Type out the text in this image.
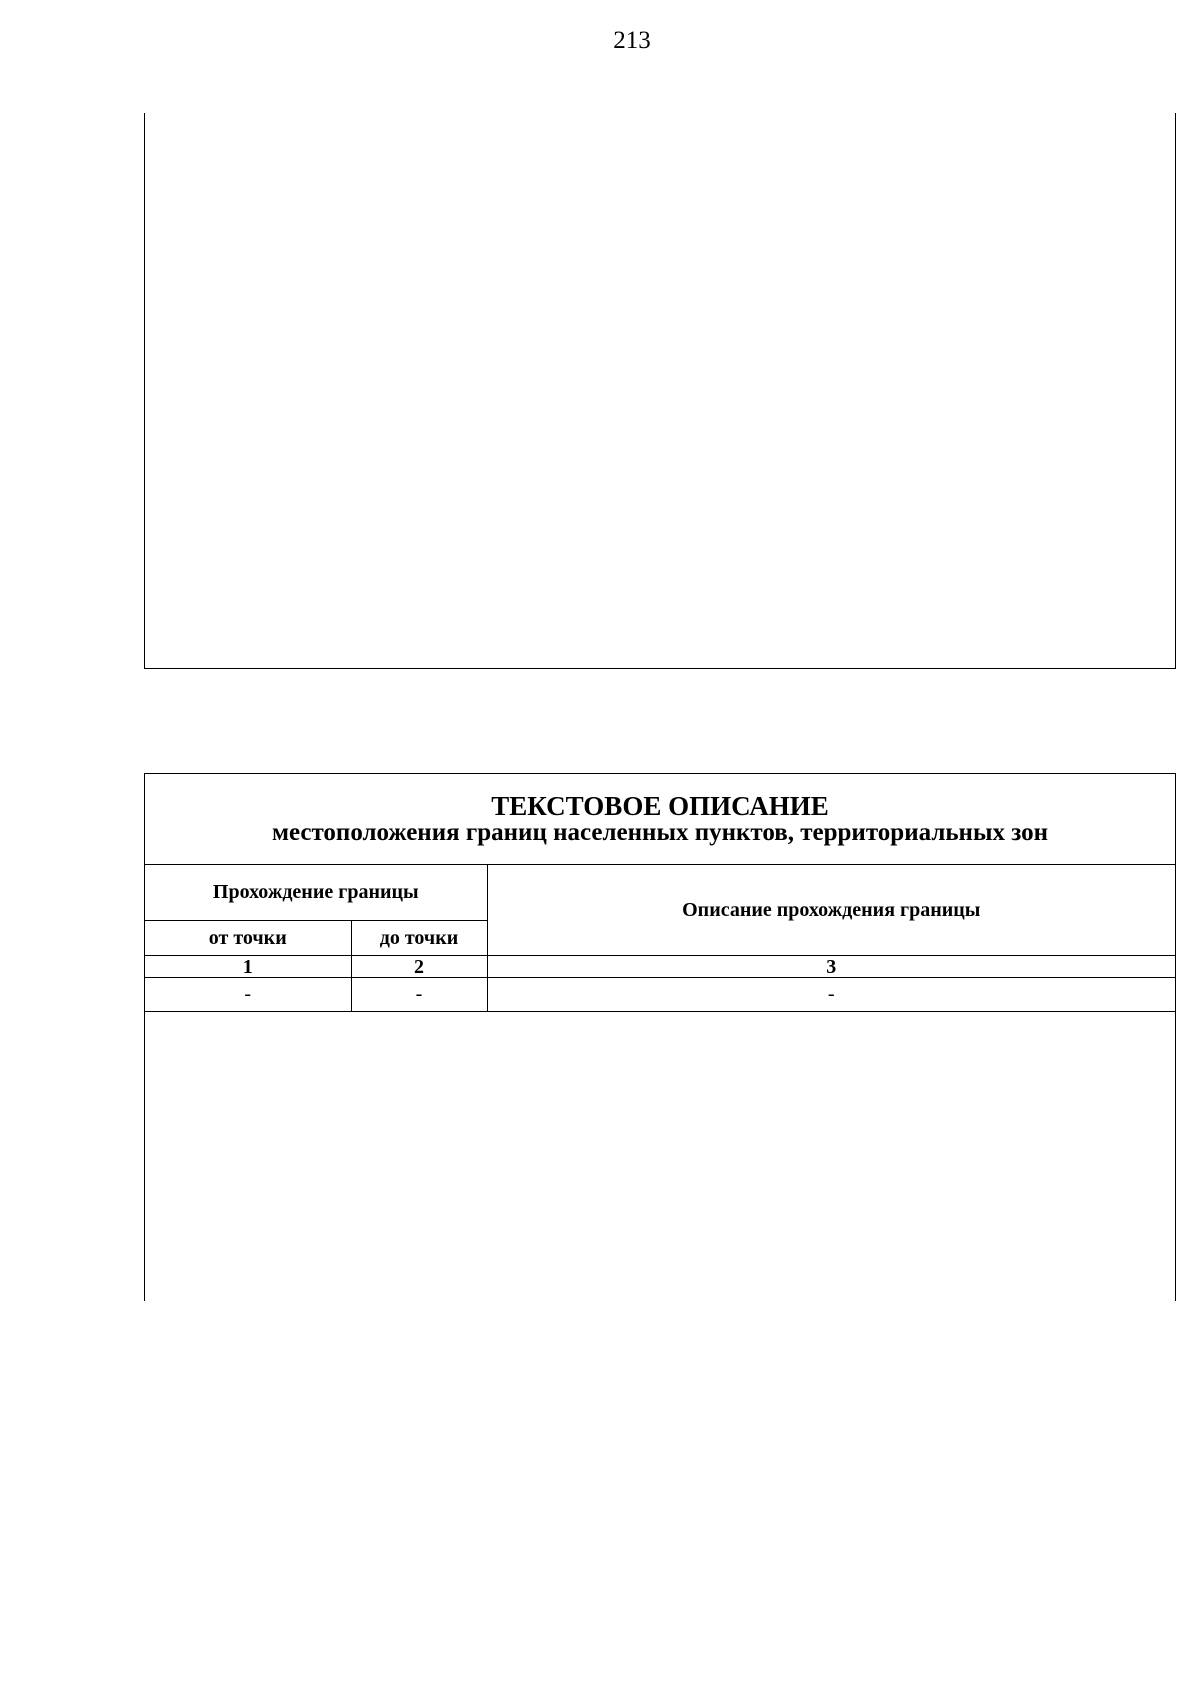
213
ТЕКСТОВОЕ ОПИСАНИЕ
местоположения границ населенных пунктов, территориальных зон
Прохождение границы		Описание прохождения границы
от точки	до точки	
1	2	3
-	-	-
